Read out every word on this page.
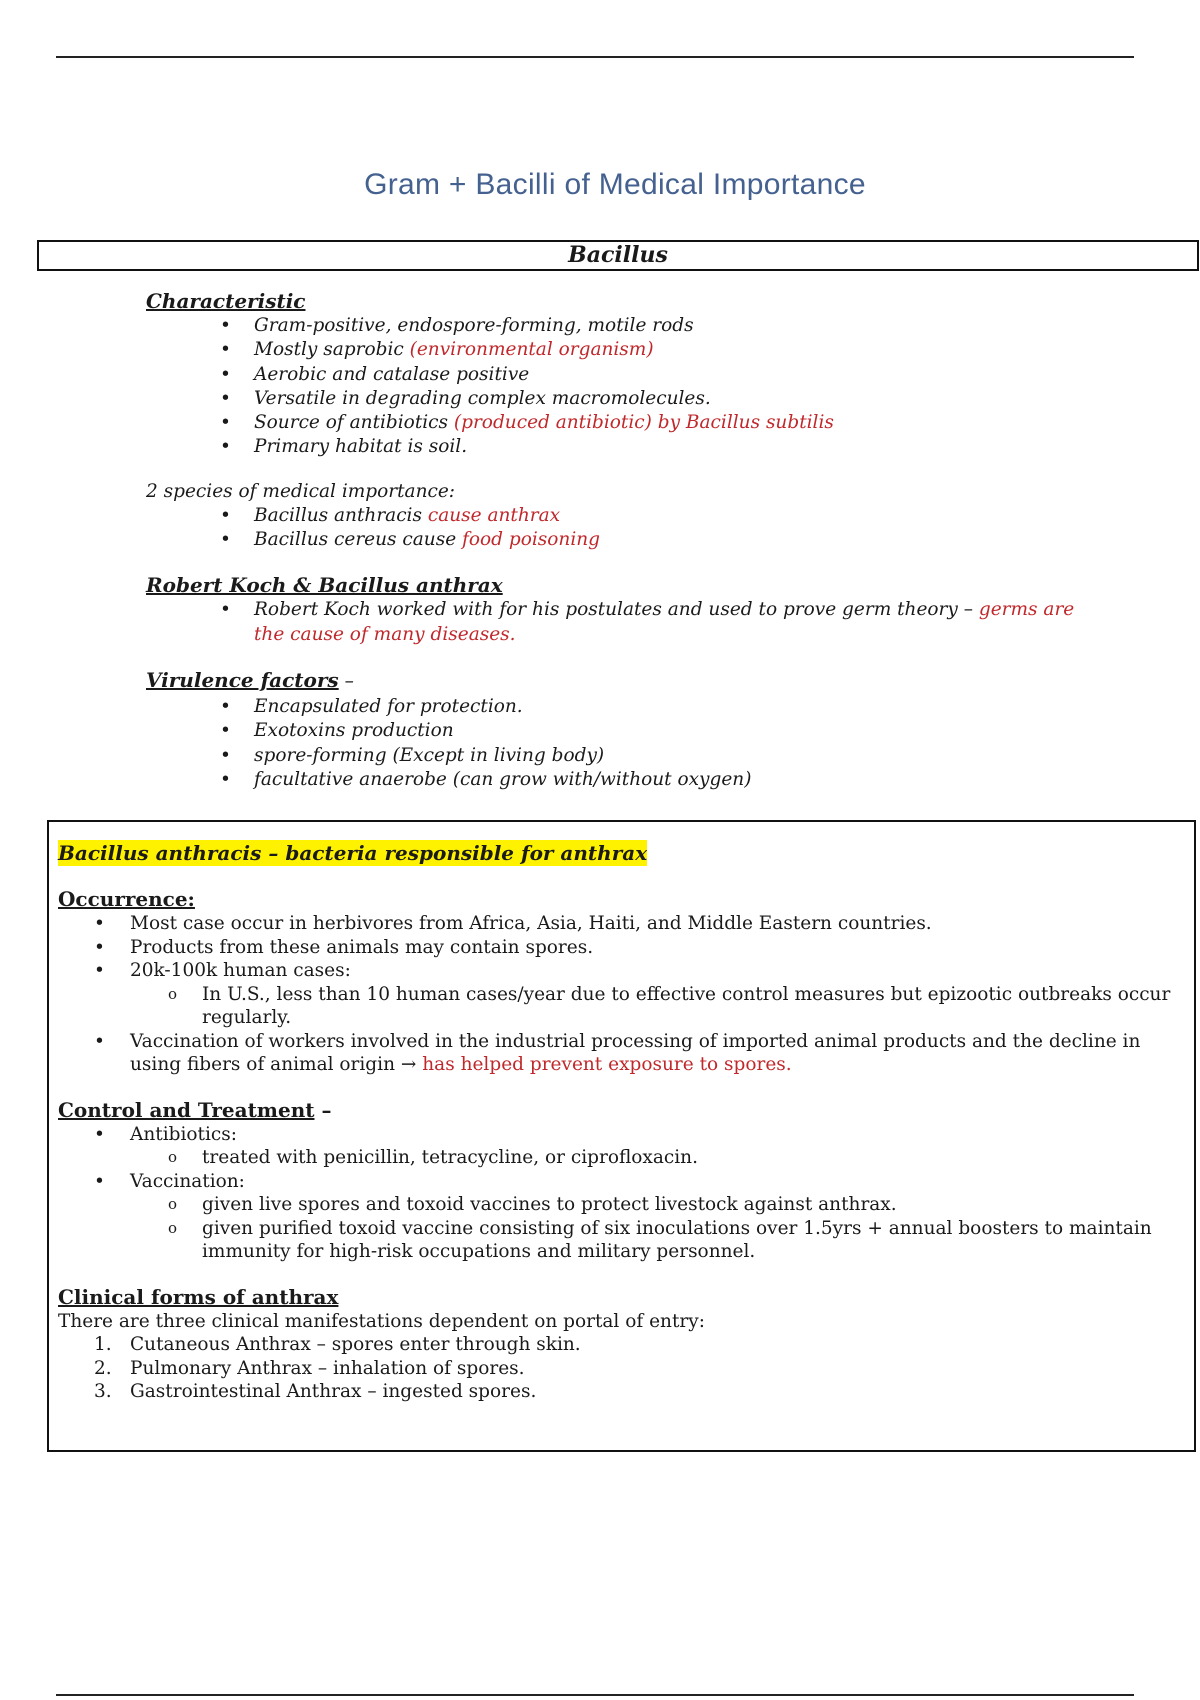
Gram + Bacilli of Medical Importance
Bacillus

Characteristic

• Gram-positive, endospore-forming, motile rods
• Mostly saprobic (environmental organism)
• Aerobic and catalase positive
• Versatile in degrading complex macromolecules.
• Source of antibiotics (produced antibiotic) by Bacillus subtilis
• Primary habitat is soil.

2 species of medical importance:

• Bacillus anthracis cause anthrax
• Bacillus cereus cause food poisoning

Robert Koch & Bacillus anthrax

• Robert Koch worked with for his postulates and used to prove germ theory – germs are the cause of many diseases.

Virulence factors –

• Encapsulated for protection.
• Exotoxins production
• spore-forming (Except in living body)
• facultative anaerobe (can grow with/without oxygen)
Bacillus anthracis – bacteria responsible for anthrax

Occurrence:

• Most case occur in herbivores from Africa, Asia, Haiti, and Middle Eastern countries.
• Products from these animals may contain spores.
• 20k-100k human cases:
o In U.S., less than 10 human cases/year due to effective control measures but epizootic outbreaks occur regularly.
• Vaccination of workers involved in the industrial processing of imported animal products and the decline in using fibers of animal origin → has helped prevent exposure to spores.

Control and Treatment –

• Antibiotics:
o treated with penicillin, tetracycline, or ciprofloxacin.
• Vaccination:
o given live spores and toxoid vaccines to protect livestock against anthrax.
o given purified toxoid vaccine consisting of six inoculations over 1.5yrs + annual boosters to maintain immunity for high-risk occupations and military personnel.

Clinical forms of anthrax

There are three clinical manifestations dependent on portal of entry:

1. Cutaneous Anthrax – spores enter through skin.
2. Pulmonary Anthrax – inhalation of spores.
3. Gastrointestinal Anthrax – ingested spores.
